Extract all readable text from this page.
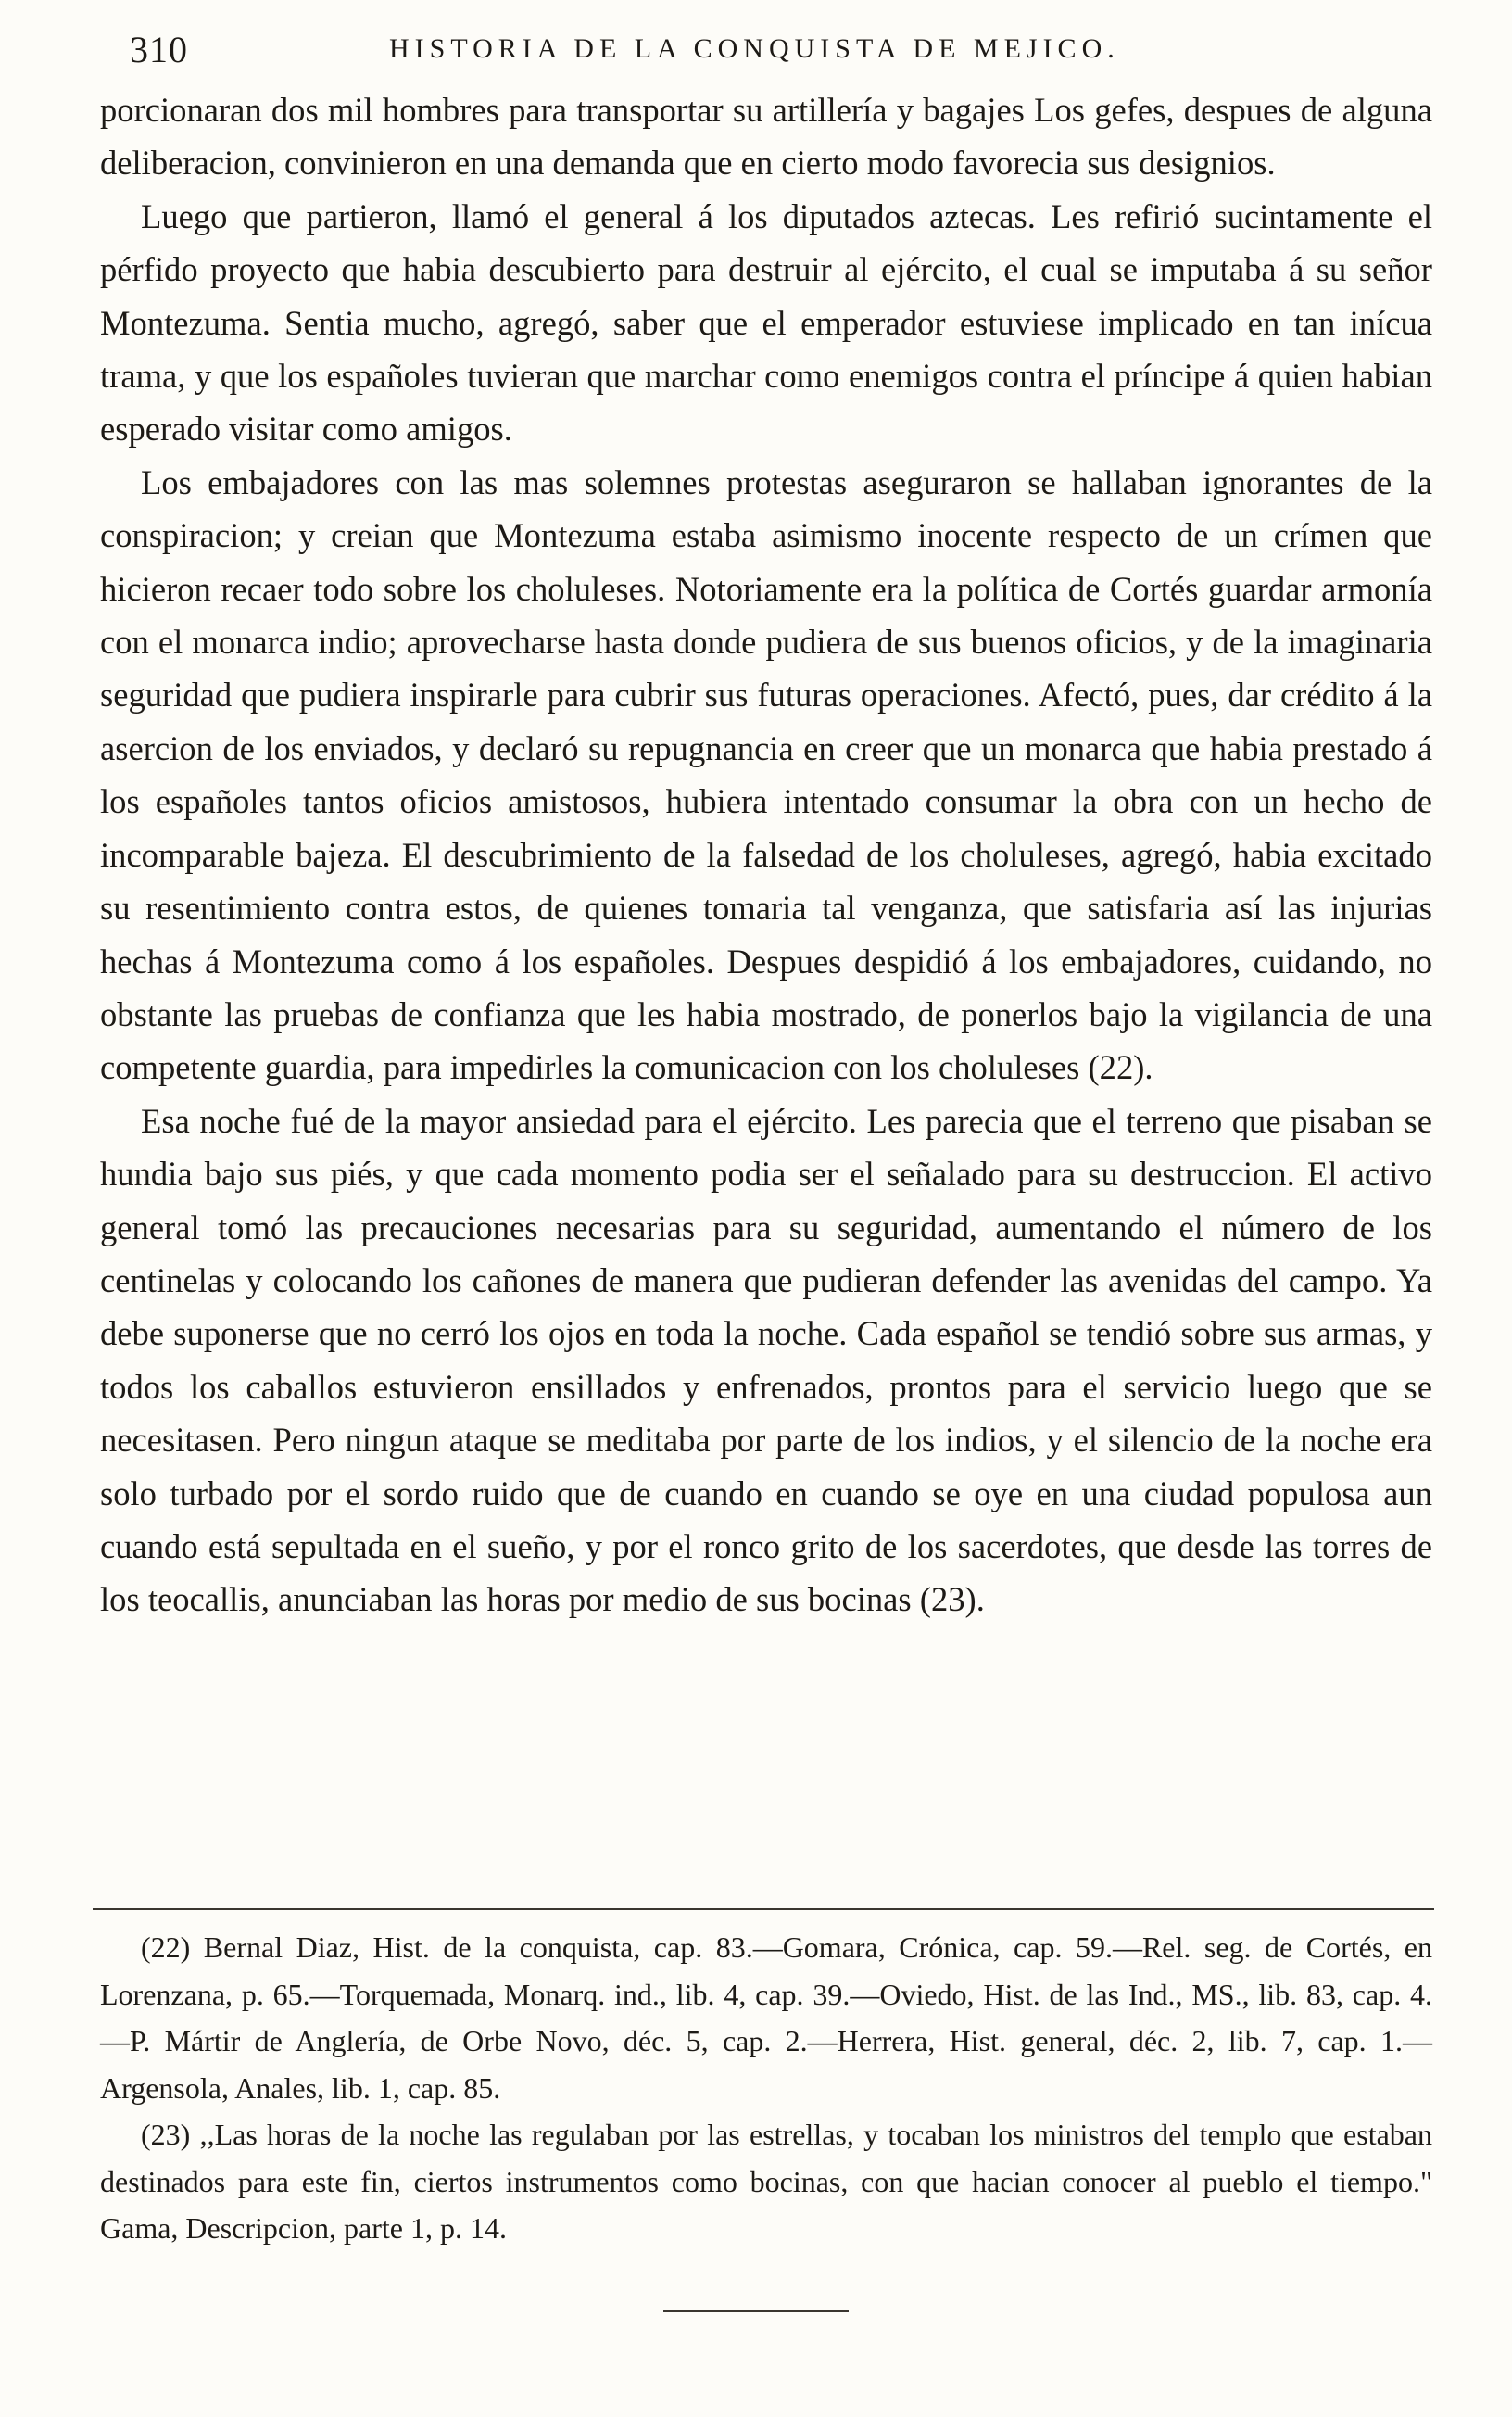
310	HISTORIA DE LA CONQUISTA DE MEJICO.

porcionaran dos mil hombres para transportar su artillería y bagajes Los gefes, despues de alguna deliberacion, convinieron en una demanda que en cierto modo favorecia sus designios.

Luego que partieron, llamó el general á los diputados aztecas. Les refirió sucintamente el pérfido proyecto que habia descubierto para destruir al ejército, el cual se imputaba á su señor Montezuma. Sentia mucho, agregó, saber que el emperador estuviese implicado en tan inícua trama, y que los españoles tuvieran que marchar como enemigos contra el príncipe á quien habian esperado visitar como amigos.

Los embajadores con las mas solemnes protestas aseguraron se hallaban ignorantes de la conspiracion; y creian que Montezuma estaba asimismo inocente respecto de un crímen que hicieron recaer todo sobre los choluleses. Notoriamente era la política de Cortés guardar armonía con el monarca indio; aprovecharse hasta donde pudiera de sus buenos oficios, y de la imaginaria seguridad que pudiera inspirarle para cubrir sus futuras operaciones. Afectó, pues, dar crédito á la asercion de los enviados, y declaró su repugnancia en creer que un monarca que habia prestado á los españoles tantos oficios amistosos, hubiera intentado consumar la obra con un hecho de incomparable bajeza. El descubrimiento de la falsedad de los choluleses, agregó, habia excitado su resentimiento contra estos, de quienes tomaria tal venganza, que satisfaria así las injurias hechas á Montezuma como á los españoles. Despues despidió á los embajadores, cuidando, no obstante las pruebas de confianza que les habia mostrado, de ponerlos bajo la vigilancia de una competente guardia, para impedirles la comunicacion con los choluleses (22).

Esa noche fué de la mayor ansiedad para el ejército. Les parecia que el terreno que pisaban se hundia bajo sus piés, y que cada momento podia ser el señalado para su destruccion. El activo general tomó las precauciones necesarias para su seguridad, aumentando el número de los centinelas y colocando los cañones de manera que pudieran defender las avenidas del campo. Ya debe suponerse que no cerró los ojos en toda la noche. Cada español se tendió sobre sus armas, y todos los caballos estuvieron ensillados y enfrenados, prontos para el servicio luego que se necesitasen. Pero ningun ataque se meditaba por parte de los indios, y el silencio de la noche era solo turbado por el sordo ruido que de cuando en cuando se oye en una ciudad populosa aun cuando está sepultada en el sueño, y por el ronco grito de los sacerdotes, que desde las torres de los teocallis, anunciaban las horas por medio de sus bocinas (23).

(22) Bernal Diaz, Hist. de la conquista, cap. 83.—Gomara, Crónica, cap. 59.—Rel. seg. de Cortés, en Lorenzana, p. 65.—Torquemada, Monarq. ind., lib. 4, cap. 39.—Oviedo, Hist. de las Ind., MS., lib. 83, cap. 4.—P. Mártir de Anglería, de Orbe Novo, déc. 5, cap. 2.—Herrera, Hist. general, déc. 2, lib. 7, cap. 1.—Argensola, Anales, lib. 1, cap. 85.

(23) ,,Las horas de la noche las regulaban por las estrellas, y tocaban los ministros del templo que estaban destinados para este fin, ciertos instrumentos como bocinas, con que hacian conocer al pueblo el tiempo." Gama, Descripcion, parte 1, p. 14.
